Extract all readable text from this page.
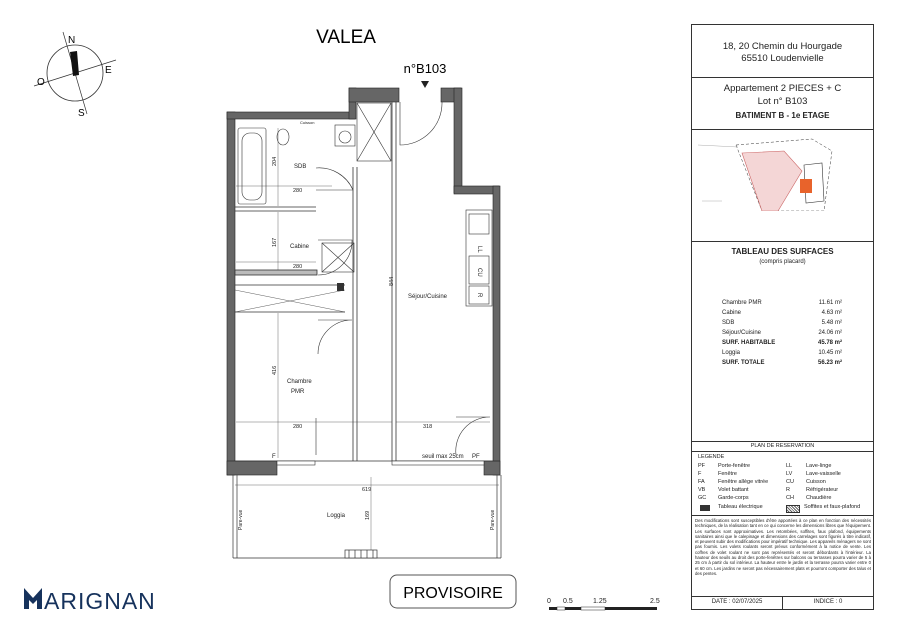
VALEA
n°B103
N
E
S
O
SDB
Cabine
Chambre
PMR
Séjour/Cuisine
Loggia
Cuisson
LL
CU
R
204
280
167
280
416
280
844
318
619
169
F	seuil max 25cm PF
Pare-vue	Pare-vue
PROVISOIRE
ARIGNAN	0 0.5	1.25	2.5
18, 20 Chemin du Hourgade
65510 Loudenvielle
Appartement 2 PIECES + C
Lot n° B103
BATIMENT B - 1e ETAGE
TABLEAU DES SURFACES
(compris placard)
Chambre PMR	11.61 m²
Cabine	4.63 m²
SDB	5.48 m²
Séjour/Cuisine	24.06 m²
SURF. HABITABLE	45.78 m²
Loggia	10.45 m²
SURF. TOTALE	56.23 m²
PLAN DE RESERVATION
LEGENDE
PF Porte-fenêtre
F	Fenêtre
FA Fenêtre allège vitrée
VB Volet battant
GC Garde-corps
LL	Lave-linge
LV Lave-vaisselle
CU Cuisson
R	Réfrigérateur
CH Chaudière
Tableau électrique	Soffites et faux-plafond
Des modifications sont susceptibles d'être apportées à ce plan en fonction des nécessités techniques, de la réalisation tant en ce qui concerne les dimensions libres que l'équipement. Les surfaces sont approximatives. Les retombées, soffites, faux plafond, équipements sanitaires ainsi que le calepinage et dimensions des carrelages sont figurés à titre indicatif, et peuvent subir des modifications pour impératif technique. Les appareils ménagers ne sont pas fournis. Les volets roulants seront prévus conformément à la notice de vente. Les coffres de volet roulant ne sont pas représentés et seront débordants à l'intérieur. La hauteur des seuils au droit des porte-fenêtres sur balcons ou terrasses pourra varier de 5 à 25 cm à partir du sol intérieur. La hauteur entre le jardin et la terrasse pourra varier entre 0 et 60 cm. Les jardins ne seront pas nécessairement plats et pourront comporter des talus et des pentes.
DATE : 02/07/2025	INDICE : 0
